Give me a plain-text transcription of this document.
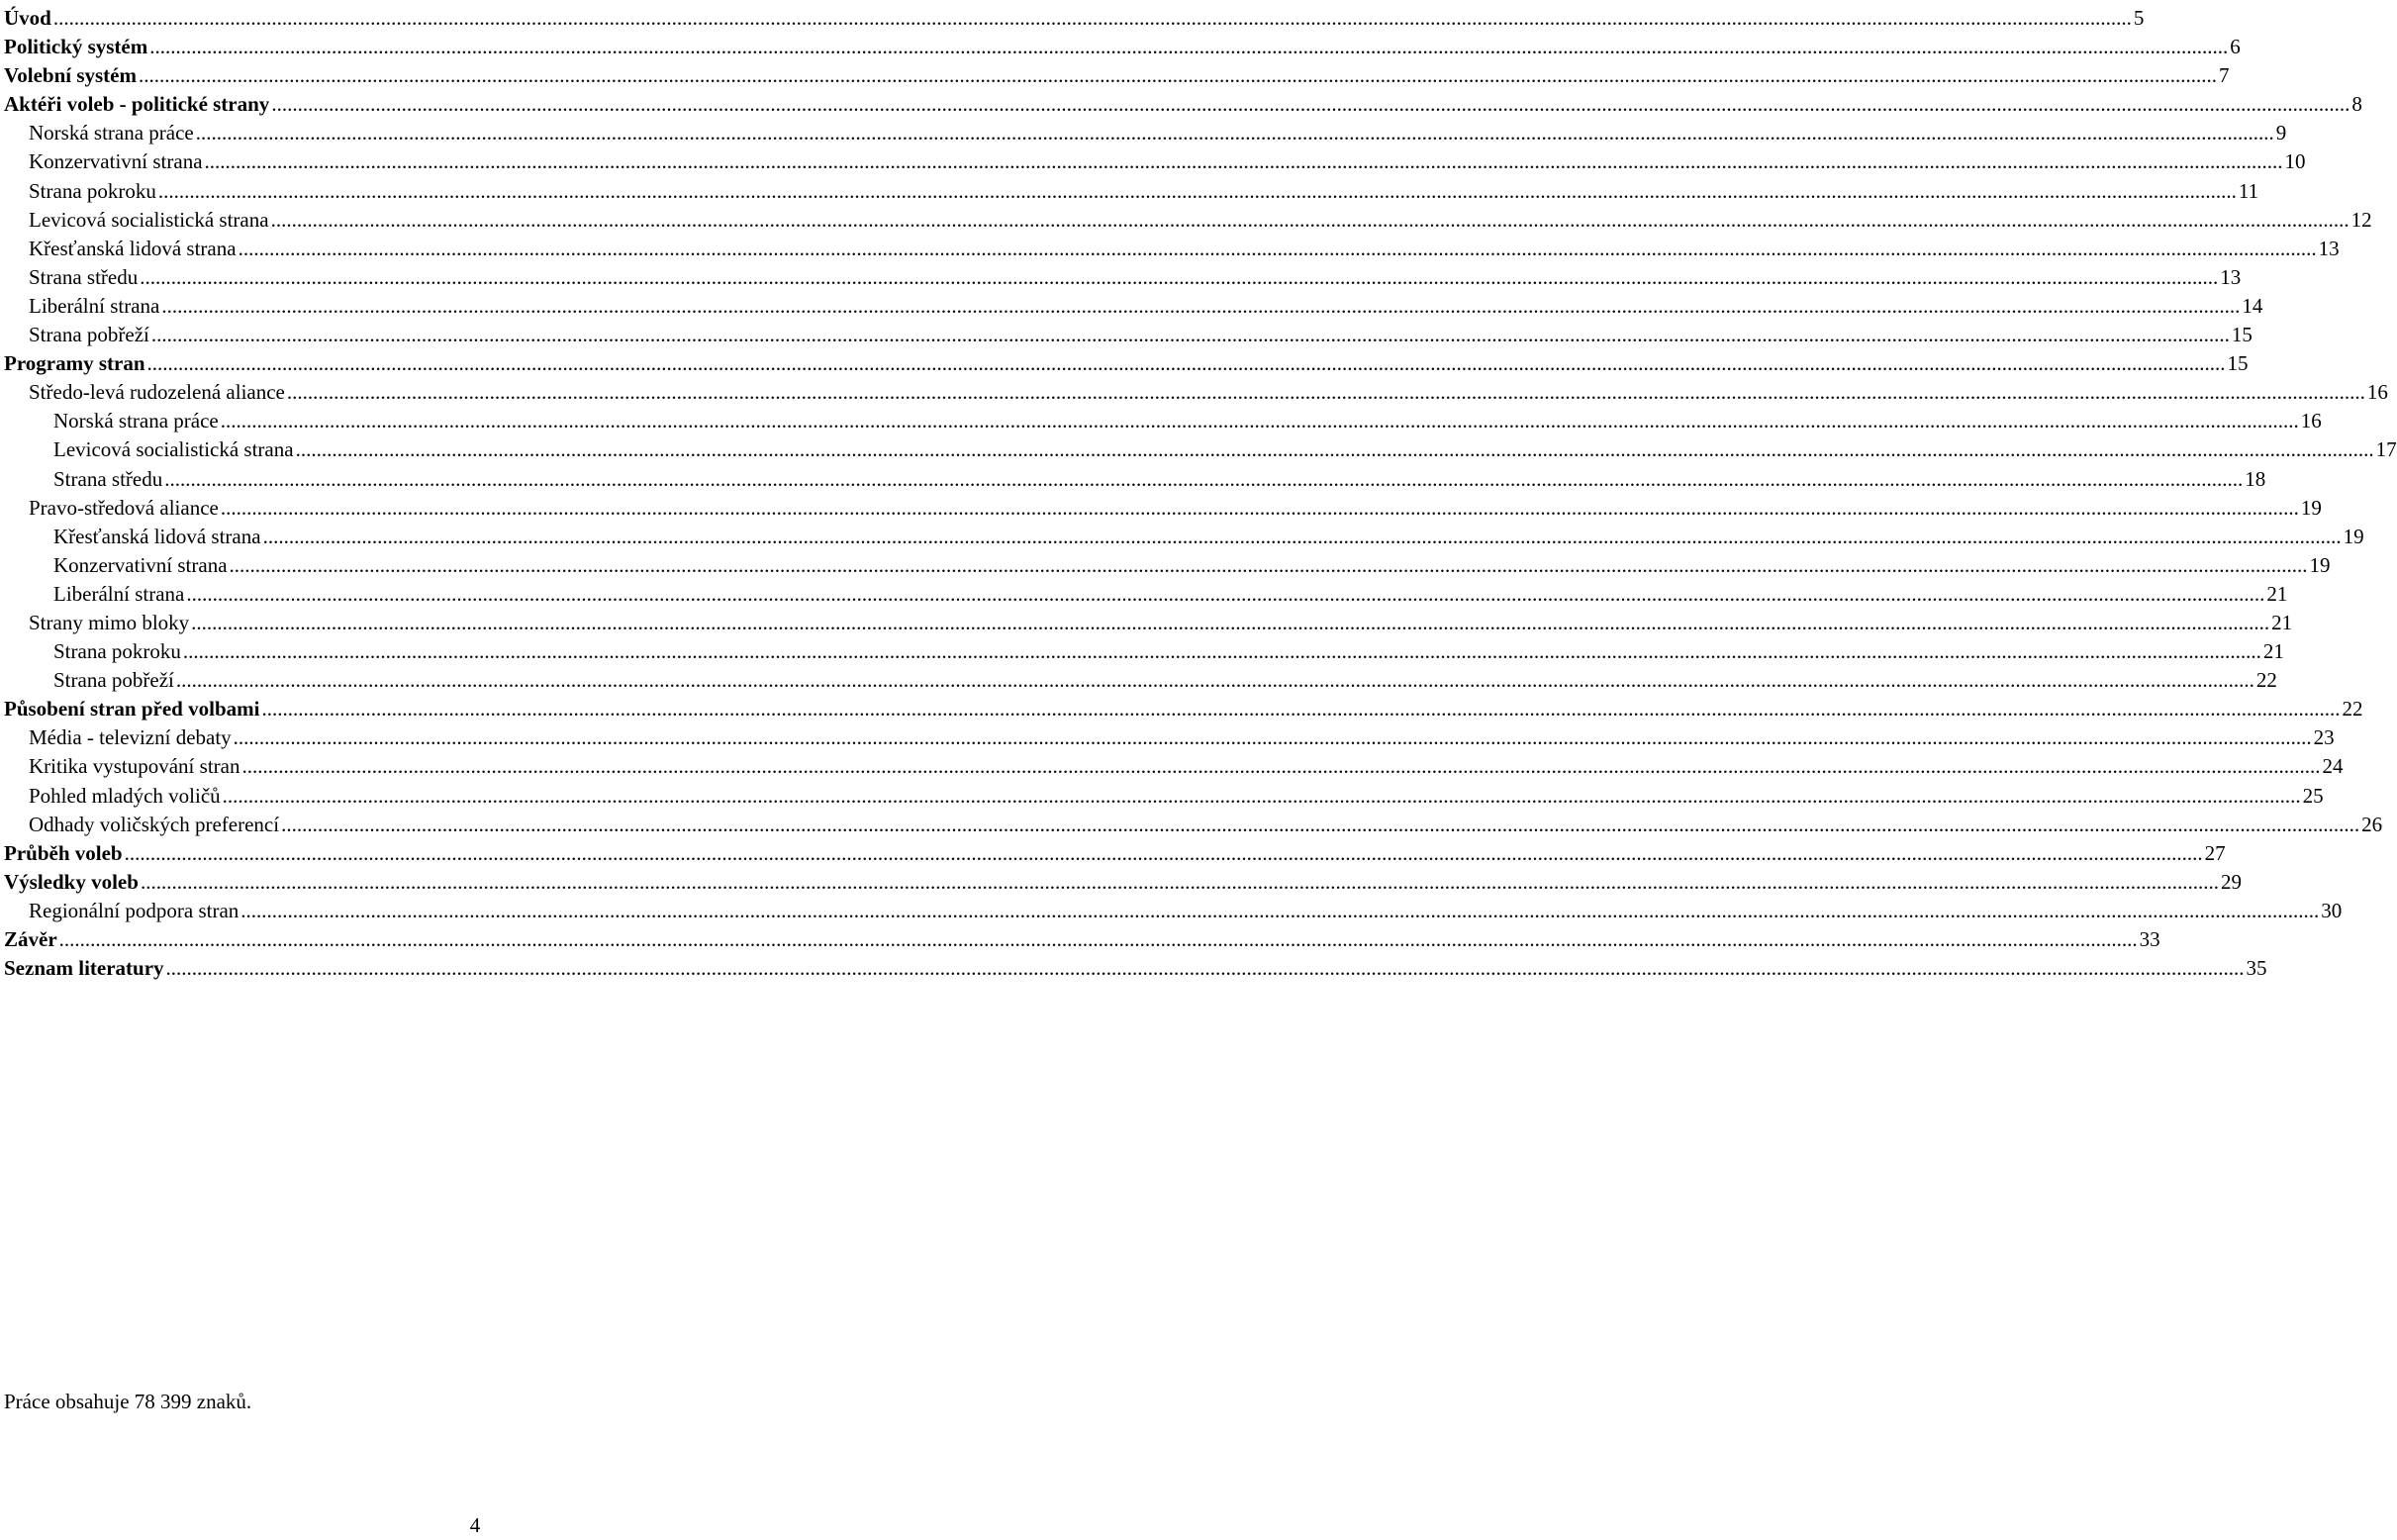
Úvod ................................................................................................................................................................................................................................................................................................................................................................................................................ 5
Politický systém ................................................................................................................................................................................................................................................................................................................................................................................................................ 6
Volební systém ................................................................................................................................................................................................................................................................................................................................................................................................................ 7
Aktéři voleb - politické strany ................................................................................................................................................................................................................................................................................................................................................................................................................ 8
Norská strana práce ................................................................................................................................................................................................................................................................................................................................................................................................................ 9
Konzervativní strana ................................................................................................................................................................................................................................................................................................................................................................................................................ 10
Strana pokroku ................................................................................................................................................................................................................................................................................................................................................................................................................ 11
Levicová socialistická strana ................................................................................................................................................................................................................................................................................................................................................................................................................ 12
Křesťanská lidová strana ................................................................................................................................................................................................................................................................................................................................................................................................................ 13
Strana středu ................................................................................................................................................................................................................................................................................................................................................................................................................ 13
Liberální strana ................................................................................................................................................................................................................................................................................................................................................................................................................ 14
Strana pobřeží ................................................................................................................................................................................................................................................................................................................................................................................................................ 15
Programy stran ................................................................................................................................................................................................................................................................................................................................................................................................................ 15
Středo-levá rudozelená aliance ................................................................................................................................................................................................................................................................................................................................................................................................................ 16
Norská strana práce ................................................................................................................................................................................................................................................................................................................................................................................................................ 16
Levicová socialistická strana ................................................................................................................................................................................................................................................................................................................................................................................................................ 17
Strana středu ................................................................................................................................................................................................................................................................................................................................................................................................................ 18
Pravo-středová aliance ................................................................................................................................................................................................................................................................................................................................................................................................................ 19
Křesťanská lidová strana ................................................................................................................................................................................................................................................................................................................................................................................................................ 19
Konzervativní strana ................................................................................................................................................................................................................................................................................................................................................................................................................ 19
Liberální strana ................................................................................................................................................................................................................................................................................................................................................................................................................ 21
Strany mimo bloky ................................................................................................................................................................................................................................................................................................................................................................................................................ 21
Strana pokroku ................................................................................................................................................................................................................................................................................................................................................................................................................ 21
Strana pobřeží ................................................................................................................................................................................................................................................................................................................................................................................................................ 22
Působení stran před volbami ................................................................................................................................................................................................................................................................................................................................................................................................................ 22
Média - televizní debaty ................................................................................................................................................................................................................................................................................................................................................................................................................ 23
Kritika vystupování stran ................................................................................................................................................................................................................................................................................................................................................................................................................ 24
Pohled mladých voličů ................................................................................................................................................................................................................................................................................................................................................................................................................ 25
Odhady voličských preferencí ................................................................................................................................................................................................................................................................................................................................................................................................................ 26
Průběh voleb ................................................................................................................................................................................................................................................................................................................................................................................................................ 27
Výsledky voleb ................................................................................................................................................................................................................................................................................................................................................................................................................ 29
Regionální podpora stran ................................................................................................................................................................................................................................................................................................................................................................................................................ 30
Závěr ................................................................................................................................................................................................................................................................................................................................................................................................................ 33
Seznam literatury ................................................................................................................................................................................................................................................................................................................................................................................................................ 35
Práce obsahuje 78 399 znaků.
4
